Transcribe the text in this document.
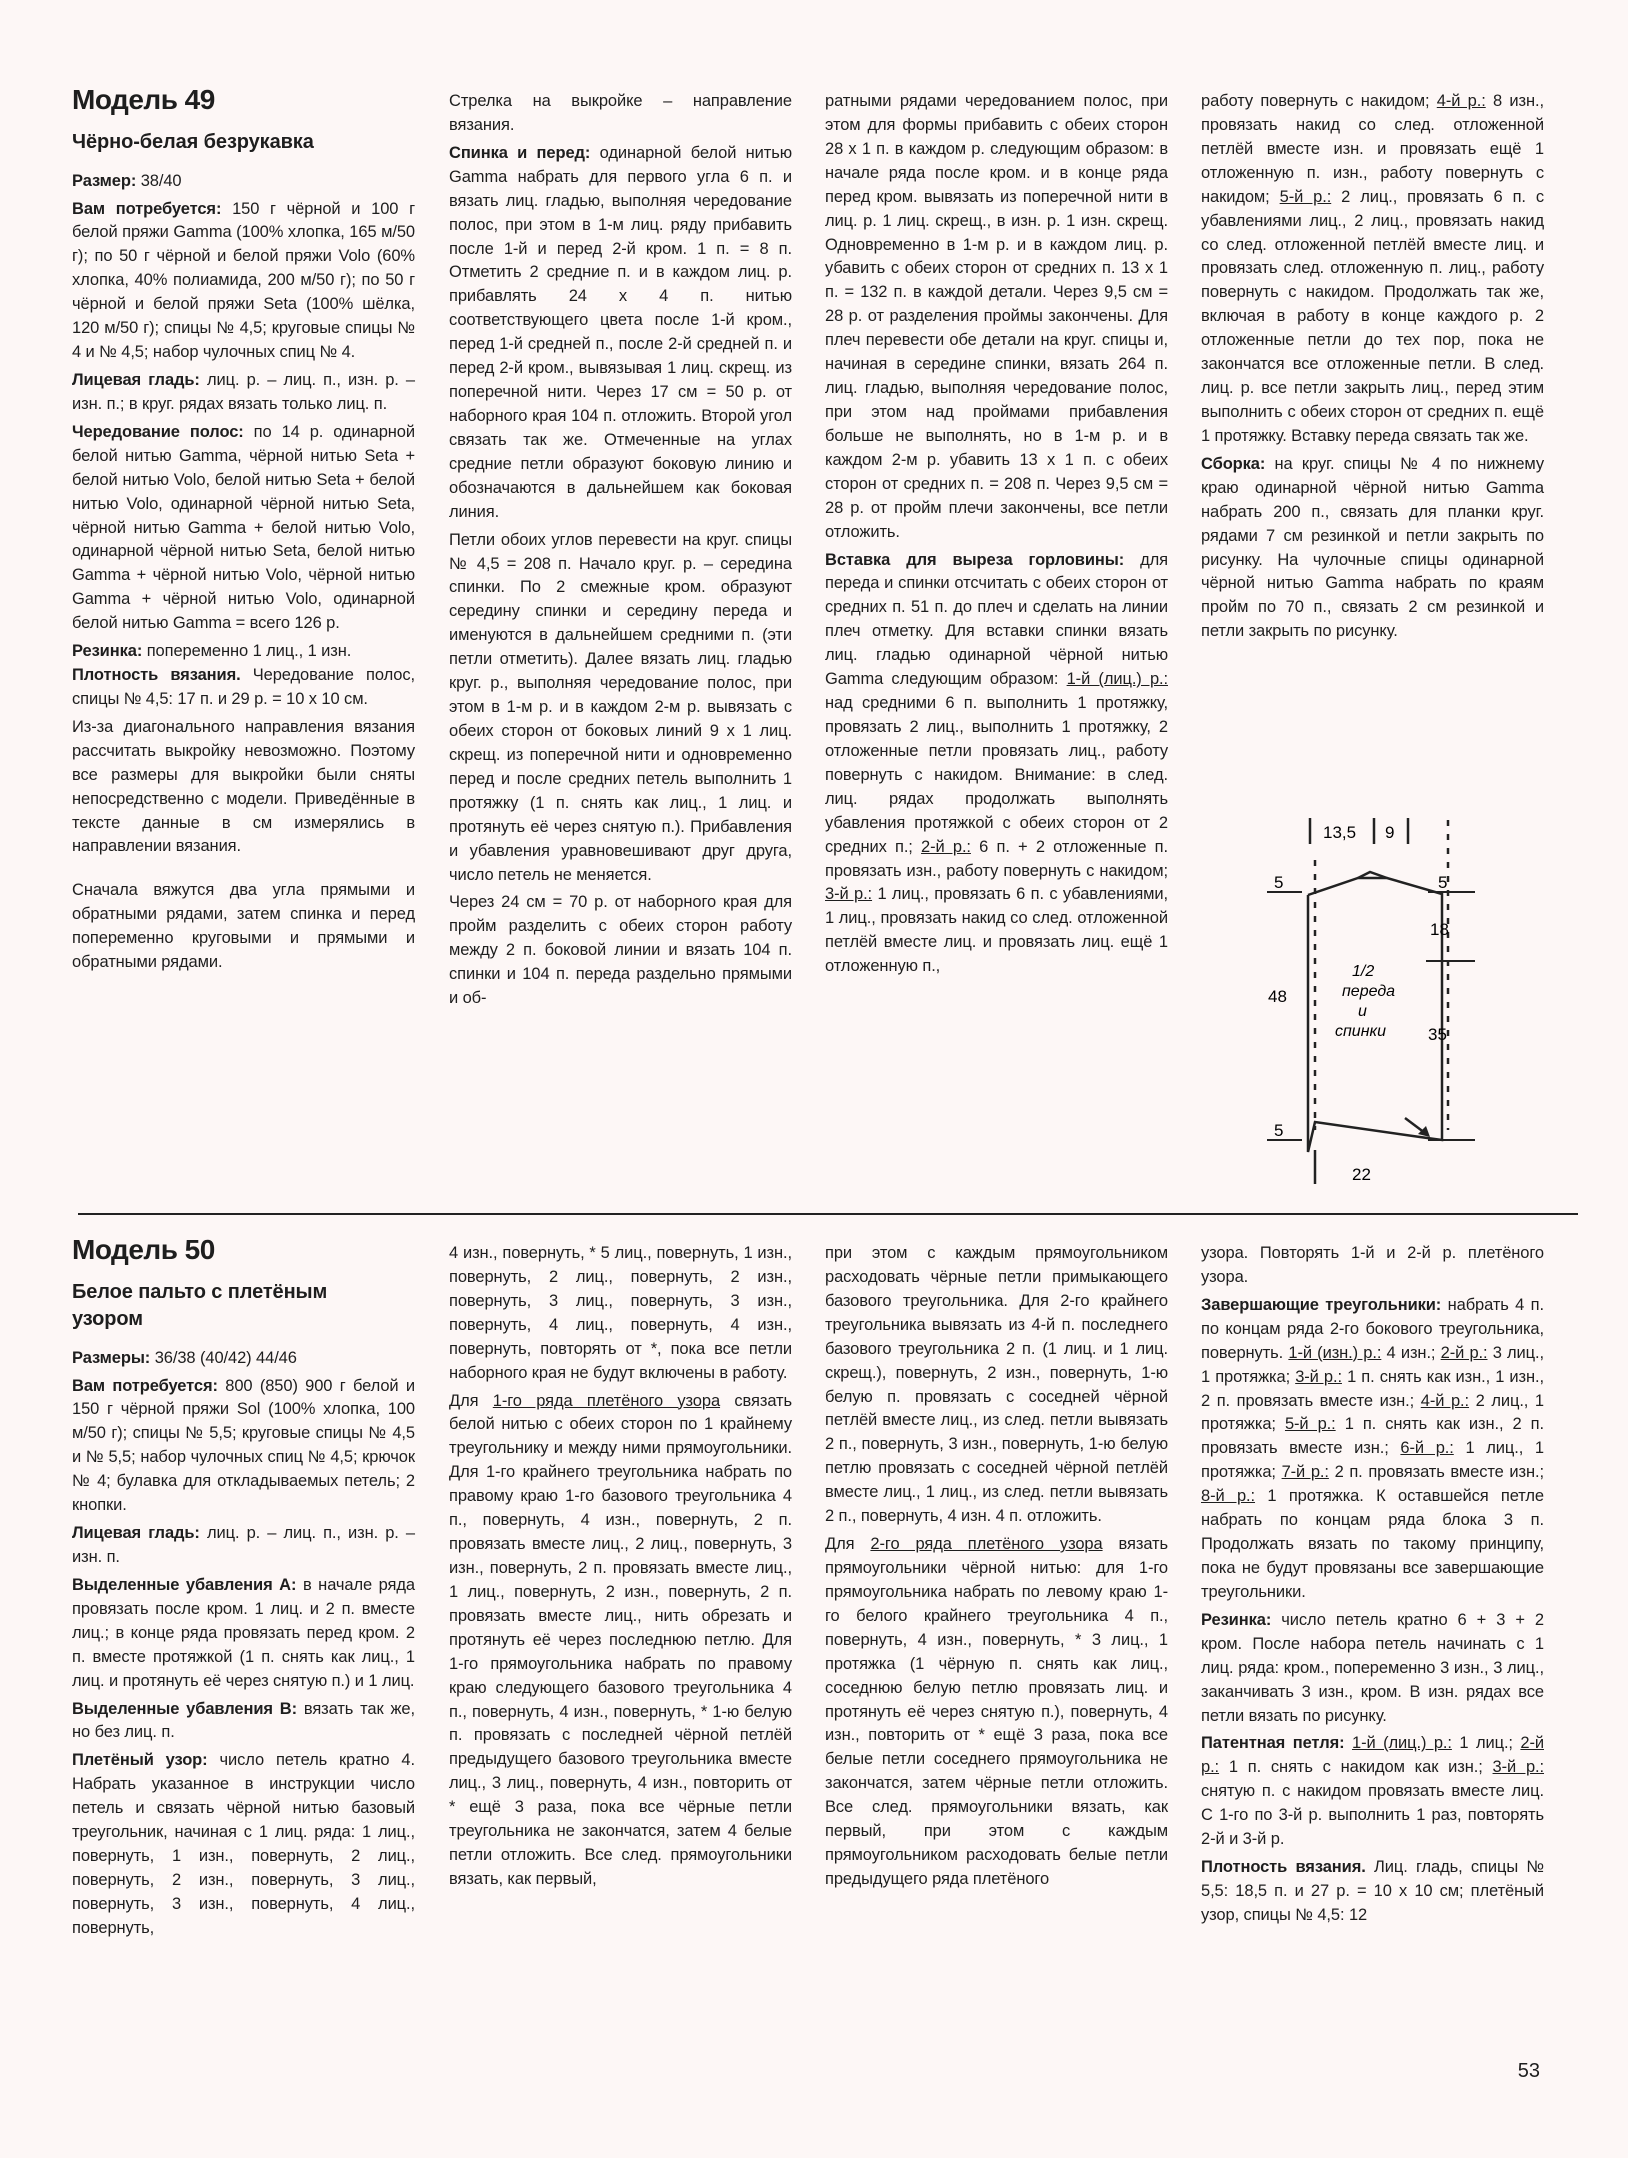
Модель 49
Чёрно-белая безрукавка

Размер: 38/40

Вам потребуется: 150 г чёрной и 100 г белой пряжи Gamma (100% хлопка, 165 м/50 г); по 50 г чёрной и белой пряжи Volo (60% хлопка, 40% полиамида, 200 м/50 г); по 50 г чёрной и белой пряжи Seta (100% шёлка, 120 м/50 г); спицы № 4,5; круговые спицы № 4 и № 4,5; набор чулочных спиц № 4.

Лицевая гладь: лиц. р. – лиц. п., изн. р. – изн. п.; в круг. рядах вязать только лиц. п.

Чередование полос: по 14 р. одинарной белой нитью Gamma, чёрной нитью Seta + белой нитью Volo, белой нитью Seta + белой нитью Volo, одинарной чёрной нитью Seta, чёрной нитью Gamma + белой нитью Volo, одинарной чёрной нитью Seta, белой нитью Gamma + чёрной нитью Volo, чёрной нитью Gamma + чёрной нитью Volo, одинарной белой нитью Gamma = всего 126 р.

Резинка: попеременно 1 лиц., 1 изн.

Плотность вязания. Чередование полос, спицы № 4,5: 17 п. и 29 р. = 10 х 10 см.

Из-за диагонального направления вязания рассчитать выкройку невозможно. Поэтому все размеры для выкройки были сняты непосредственно с модели. Приведённые в тексте данные в см измерялись в направлении вязания.

Сначала вяжутся два угла прямыми и обратными рядами, затем спинка и перед попеременно круговыми и прямыми и обратными рядами.

Стрелка на выкройке – направление вязания.

Спинка и перед: одинарной белой нитью Gamma набрать для первого угла 6 п. и вязать лиц. гладью, выполняя чередование полос, при этом в 1-м лиц. ряду прибавить после 1-й и перед 2-й кром. 1 п. = 8 п. Отметить 2 средние п. и в каждом лиц. р. прибавлять 24 х 4 п. нитью соответствующего цвета после 1-й кром., перед 1-й средней п., после 2-й средней п. и перед 2-й кром., вывязывая 1 лиц. скрещ. из поперечной нити. Через 17 см = 50 р. от наборного края 104 п. отложить. Второй угол связать так же. Отмеченные на углах средние петли образуют боковую линию и обозначаются в дальнейшем как боковая линия.

Петли обоих углов перевести на круг. спицы № 4,5 = 208 п. Начало круг. р. – середина спинки. По 2 смежные кром. образуют середину спинки и середину переда и именуются в дальнейшем средними п. (эти петли отметить). Далее вязать лиц. гладью круг. р., выполняя чередование полос, при этом в 1-м р. и в каждом 2-м р. вывязать с обеих сторон от боковых линий 9 х 1 лиц. скрещ. из поперечной нити и одновременно перед и после средних петель выполнить 1 протяжку (1 п. снять как лиц., 1 лиц. и протянуть её через снятую п.). Прибавления и убавления уравновешивают друг друга, число петель не меняется.

Через 24 см = 70 р. от наборного края для пройм разделить с обеих сторон работу между 2 п. боковой линии и вязать 104 п. спинки и 104 п. переда раздельно прямыми и об-

ратными рядами чередованием полос, при этом для формы прибавить с обеих сторон 28 х 1 п. в каждом р. следующим образом: в начале ряда после кром. и в конце ряда перед кром. вывязать из поперечной нити в лиц. р. 1 лиц. скрещ., в изн. р. 1 изн. скрещ. Одновременно в 1-м р. и в каждом лиц. р. убавить с обеих сторон от средних п. 13 х 1 п. = 132 п. в каждой детали. Через 9,5 см = 28 р. от разделения проймы закончены. Для плеч перевести обе детали на круг. спицы и, начиная в середине спинки, вязать 264 п. лиц. гладью, выполняя чередование полос, при этом над проймами прибавления больше не выполнять, но в 1-м р. и в каждом 2-м р. убавить 13 х 1 п. с обеих сторон от средних п. = 208 п. Через 9,5 см = 28 р. от пройм плечи закончены, все петли отложить.

Вставка для выреза горловины: для переда и спинки отсчитать с обеих сторон от средних п. 51 п. до плеч и сделать на линии плеч отметку. Для вставки спинки вязать лиц. гладью одинарной чёрной нитью Gamma следующим образом: 1-й (лиц.) р.: над средними 6 п. выполнить 1 протяжку, провязать 2 лиц., выполнить 1 протяжку, 2 отложенные петли провязать лиц., работу повернуть с накидом. Внимание: в след. лиц. рядах продолжать выполнять убавления протяжкой с обеих сторон от 2 средних п.; 2-й р.: 6 п. + 2 отложенные п. провязать изн., работу повернуть с накидом; 3-й р.: 1 лиц., провязать 6 п. с убавлениями, 1 лиц., провязать накид со след. отложенной петлёй вместе лиц. и провязать лиц. ещё 1 отложенную п.,

работу повернуть с накидом; 4-й р.: 8 изн., провязать накид со след. отложенной петлёй вместе изн. и провязать ещё 1 отложенную п. изн., работу повернуть с накидом; 5-й р.: 2 лиц., провязать 6 п. с убавлениями лиц., 2 лиц., провязать накид со след. отложенной петлёй вместе лиц. и провязать след. отложенную п. лиц., работу повернуть с накидом. Продолжать так же, включая в работу в конце каждого р. 2 отложенные петли до тех пор, пока не закончатся все отложенные петли. В след. лиц. р. все петли закрыть лиц., перед этим выполнить с обеих сторон от средних п. ещё 1 протяжку. Вставку переда связать так же.

Сборка: на круг. спицы № 4 по нижнему краю одинарной чёрной нитью Gamma набрать 200 п., связать для планки круг. рядами 7 см резинкой и петли закрыть по рисунку. На чулочные спицы одинарной чёрной нитью Gamma набрать по краям пройм по 70 п., связать 2 см резинкой и петли закрыть по рисунку.

13,5 9
5	5
18
48
35
5
22
1/2
переда
и
спинки
Модель 50
Белое пальто с плетёным узором

Размеры: 36/38 (40/42) 44/46

Вам потребуется: 800 (850) 900 г белой и 150 г чёрной пряжи Sol (100% хлопка, 100 м/50 г); спицы № 5,5; круговые спицы № 4,5 и № 5,5; набор чулочных спиц № 4,5; крючок № 4; булавка для откладываемых петель; 2 кнопки.

Лицевая гладь: лиц. р. – лиц. п., изн. р. – изн. п.

Выделенные убавления А: в начале ряда провязать после кром. 1 лиц. и 2 п. вместе лиц.; в конце ряда провязать перед кром. 2 п. вместе протяжкой (1 п. снять как лиц., 1 лиц. и протянуть её через снятую п.) и 1 лиц.

Выделенные убавления В: вязать так же, но без лиц. п.

Плетёный узор: число петель кратно 4. Набрать указанное в инструкции число петель и связать чёрной нитью базовый треугольник, начиная с 1 лиц. ряда: 1 лиц., повернуть, 1 изн., повернуть, 2 лиц., повернуть, 2 изн., повернуть, 3 лиц., повернуть, 3 изн., повернуть, 4 лиц., повернуть,

4 изн., повернуть, * 5 лиц., повернуть, 1 изн., повернуть, 2 лиц., повернуть, 2 изн., повернуть, 3 лиц., повернуть, 3 изн., повернуть, 4 лиц., повернуть, 4 изн., повернуть, повторять от *, пока все петли наборного края не будут включены в работу.

Для 1-го ряда плетёного узора связать белой нитью с обеих сторон по 1 крайнему треугольнику и между ними прямоугольники. Для 1-го крайнего треугольника набрать по правому краю 1-го базового треугольника 4 п., повернуть, 4 изн., повернуть, 2 п. провязать вместе лиц., 2 лиц., повернуть, 3 изн., повернуть, 2 п. провязать вместе лиц., 1 лиц., повернуть, 2 изн., повернуть, 2 п. провязать вместе лиц., нить обрезать и протянуть её через последнюю петлю. Для 1-го прямоугольника набрать по правому краю следующего базового треугольника 4 п., повернуть, 4 изн., повернуть, * 1-ю белую п. провязать с последней чёрной петлёй предыдущего базового треугольника вместе лиц., 3 лиц., повернуть, 4 изн., повторить от * ещё 3 раза, пока все чёрные петли треугольника не закончатся, затем 4 белые петли отложить. Все след. прямоугольники вязать, как первый,

при этом с каждым прямоугольником расходовать чёрные петли примыкающего базового треугольника. Для 2-го крайнего треугольника вывязать из 4-й п. последнего базового треугольника 2 п. (1 лиц. и 1 лиц. скрещ.), повернуть, 2 изн., повернуть, 1-ю белую п. провязать с соседней чёрной петлёй вместе лиц., из след. петли вывязать 2 п., повернуть, 3 изн., повернуть, 1-ю белую петлю провязать с соседней чёрной петлёй вместе лиц., 1 лиц., из след. петли вывязать 2 п., повернуть, 4 изн. 4 п. отложить.

Для 2-го ряда плетёного узора вязать прямоугольники чёрной нитью: для 1-го прямоугольника набрать по левому краю 1-го белого крайнего треугольника 4 п., повернуть, 4 изн., повернуть, * 3 лиц., 1 протяжка (1 чёрную п. снять как лиц., соседнюю белую петлю провязать лиц. и протянуть её через снятую п.), повернуть, 4 изн., повторить от * ещё 3 раза, пока все белые петли соседнего прямоугольника не закончатся, затем чёрные петли отложить. Все след. прямоугольники вязать, как первый, при этом с каждым прямоугольником расходовать белые петли предыдущего ряда плетёного

узора. Повторять 1-й и 2-й р. плетёного узора.

Завершающие треугольники: набрать 4 п. по концам ряда 2-го бокового треугольника, повернуть. 1-й (изн.) р.: 4 изн.; 2-й р.: 3 лиц., 1 протяжка; 3-й р.: 1 п. снять как изн., 1 изн., 2 п. провязать вместе изн.; 4-й р.: 2 лиц., 1 протяжка; 5-й р.: 1 п. снять как изн., 2 п. провязать вместе изн.; 6-й р.: 1 лиц., 1 протяжка; 7-й р.: 2 п. провязать вместе изн.; 8-й р.: 1 протяжка. К оставшейся петле набрать по концам ряда блока 3 п. Продолжать вязать по такому принципу, пока не будут провязаны все завершающие треугольники.

Резинка: число петель кратно 6 + 3 + 2 кром. После набора петель начинать с 1 лиц. ряда: кром., попеременно 3 изн., 3 лиц., заканчивать 3 изн., кром. В изн. рядах все петли вязать по рисунку.

Патентная петля: 1-й (лиц.) р.: 1 лиц.; 2-й р.: 1 п. снять с накидом как изн.; 3-й р.: снятую п. с накидом провязать вместе лиц. С 1-го по 3-й р. выполнить 1 раз, повторять 2-й и 3-й р.

Плотность вязания. Лиц. гладь, спицы № 5,5: 18,5 п. и 27 р. = 10 х 10 см; плетёный узор, спицы № 4,5: 12

53
